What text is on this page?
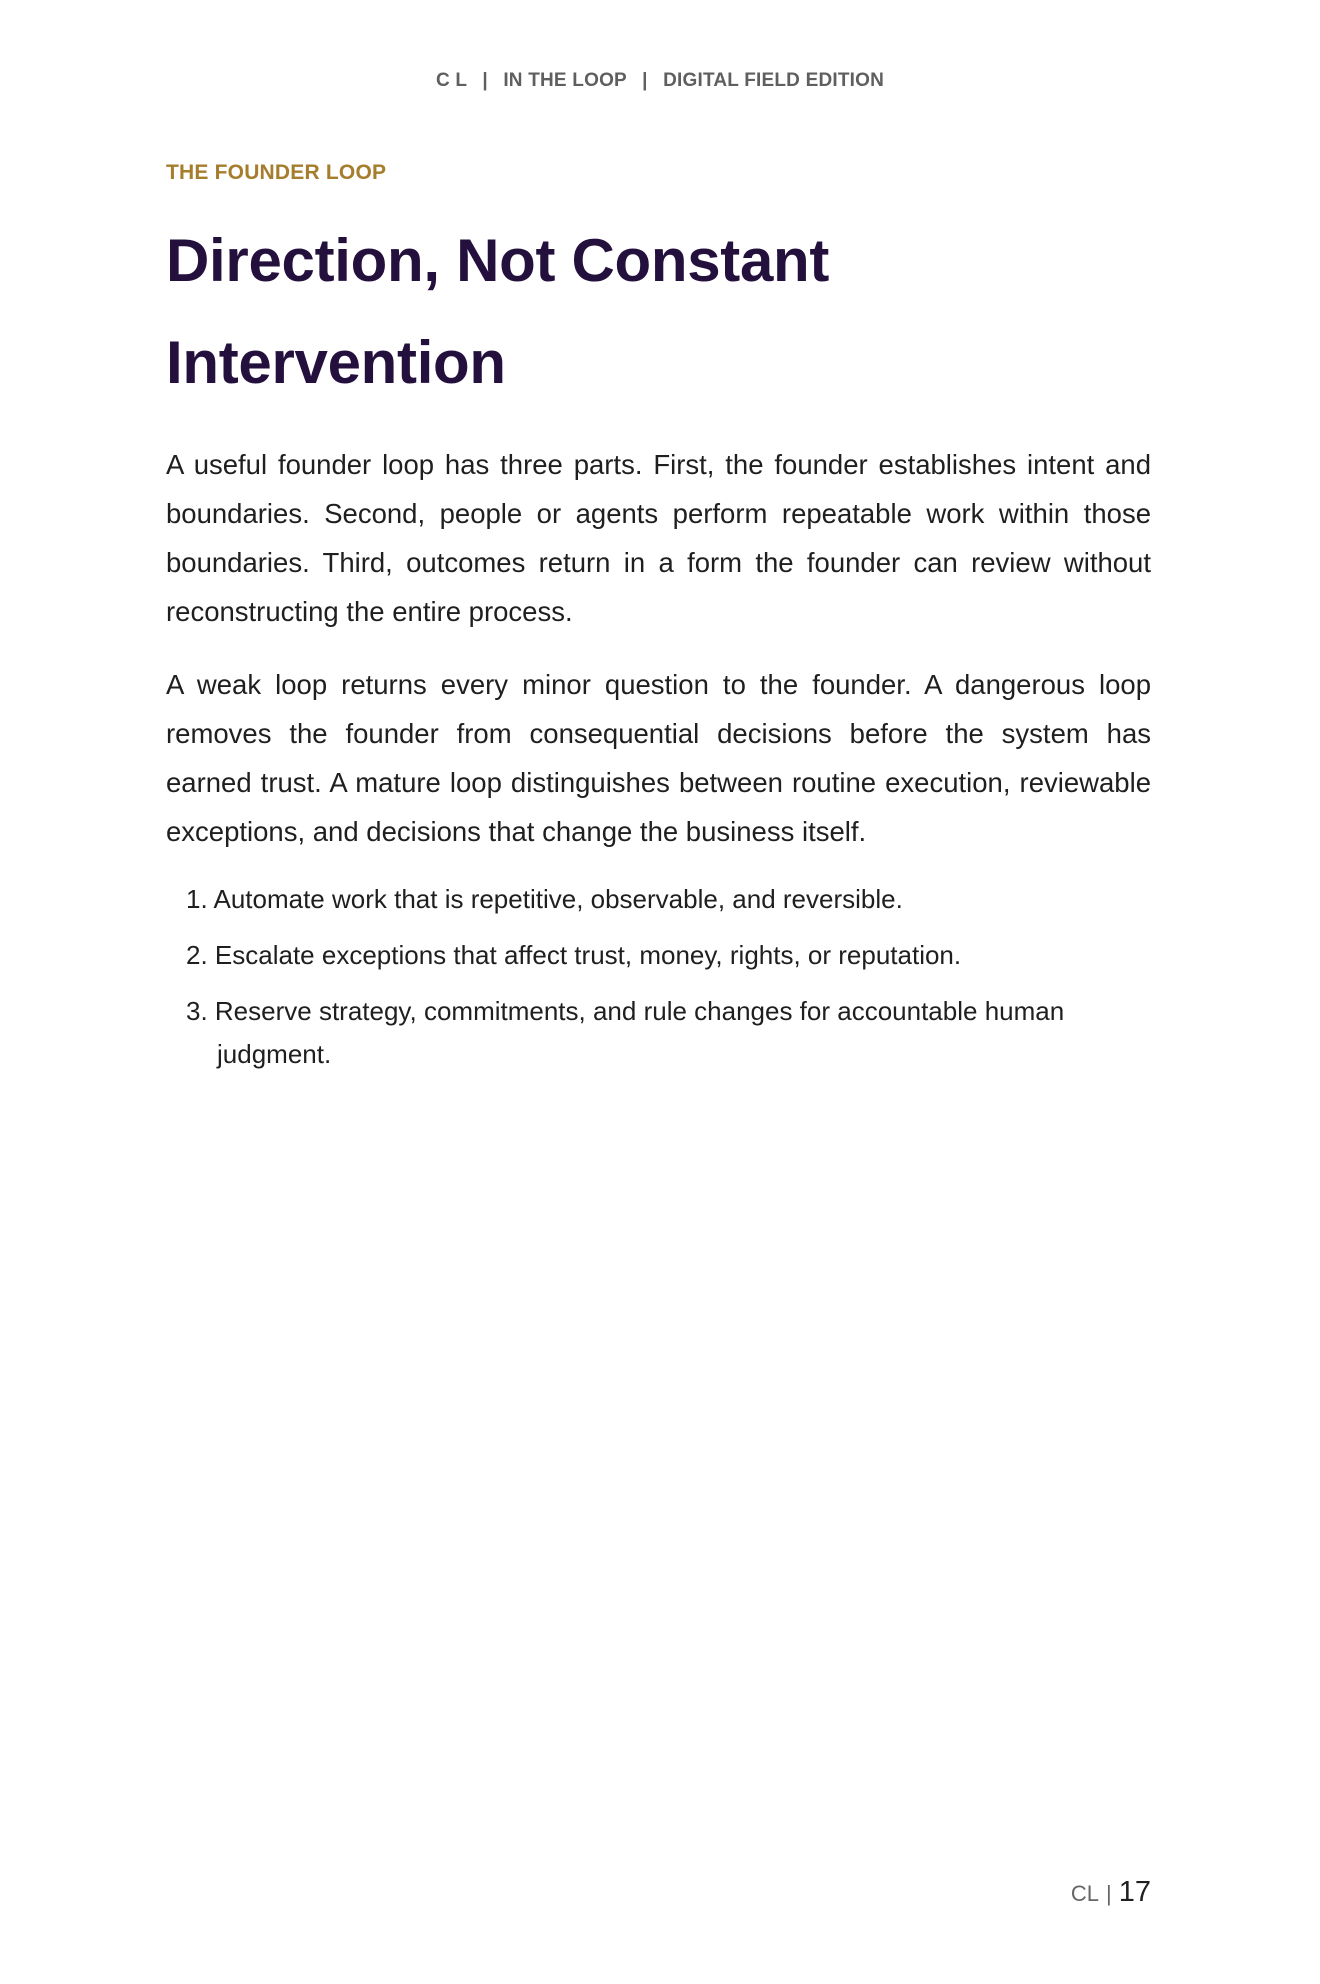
C L | IN THE LOOP | DIGITAL FIELD EDITION

THE FOUNDER LOOP

Direction, Not Constant
Intervention

A useful founder loop has three parts. First, the founder establishes intent and boundaries. Second, people or agents perform repeatable work within those boundaries. Third, outcomes return in a form the founder can review without reconstructing the entire process.

A weak loop returns every minor question to the founder. A dangerous loop removes the founder from consequential decisions before the system has earned trust. A mature loop distinguishes between routine execution, reviewable exceptions, and decisions that change the business itself.

1. Automate work that is repetitive, observable, and reversible.
2. Escalate exceptions that affect trust, money, rights, or reputation.
3. Reserve strategy, commitments, and rule changes for accountable human judgment.
CL | 17
